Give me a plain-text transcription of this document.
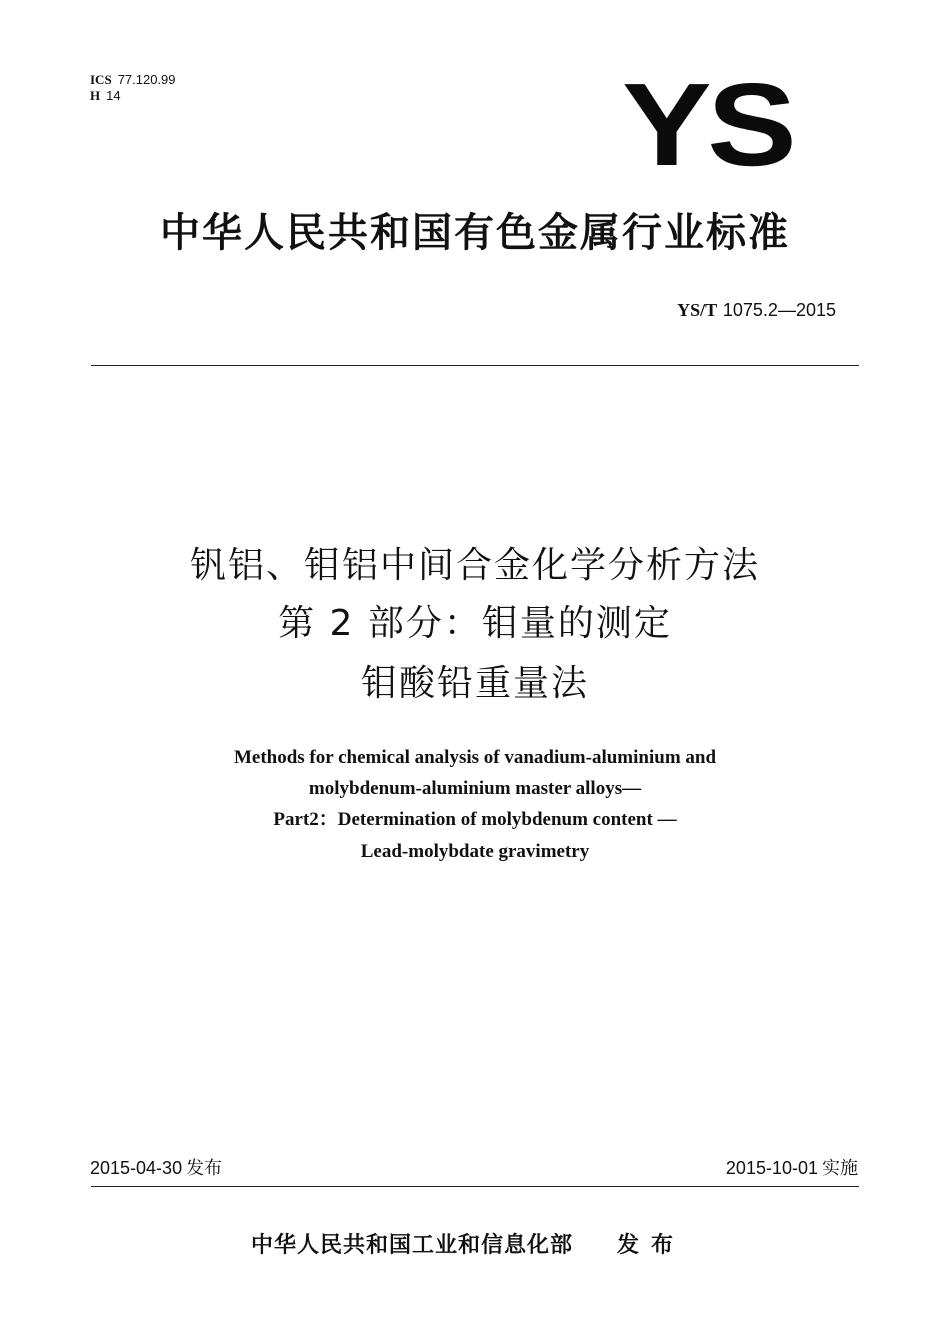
ICS 77.120.99
H 14	YS
中华人民共和国有色金属行业标准
YS/T 1075.2—2015
钒铝、钼铝中间合金化学分析方法
第 2 部分：钼量的测定
钼酸铅重量法
Methods for chemical analysis of vanadium-aluminium and
molybdenum-aluminium master alloys—
Part2：Determination of molybdenum content —
Lead-molybdate gravimetry
2015-04-30 发布	2015-10-01 实施
中华人民共和国工业和信息化部 发布
